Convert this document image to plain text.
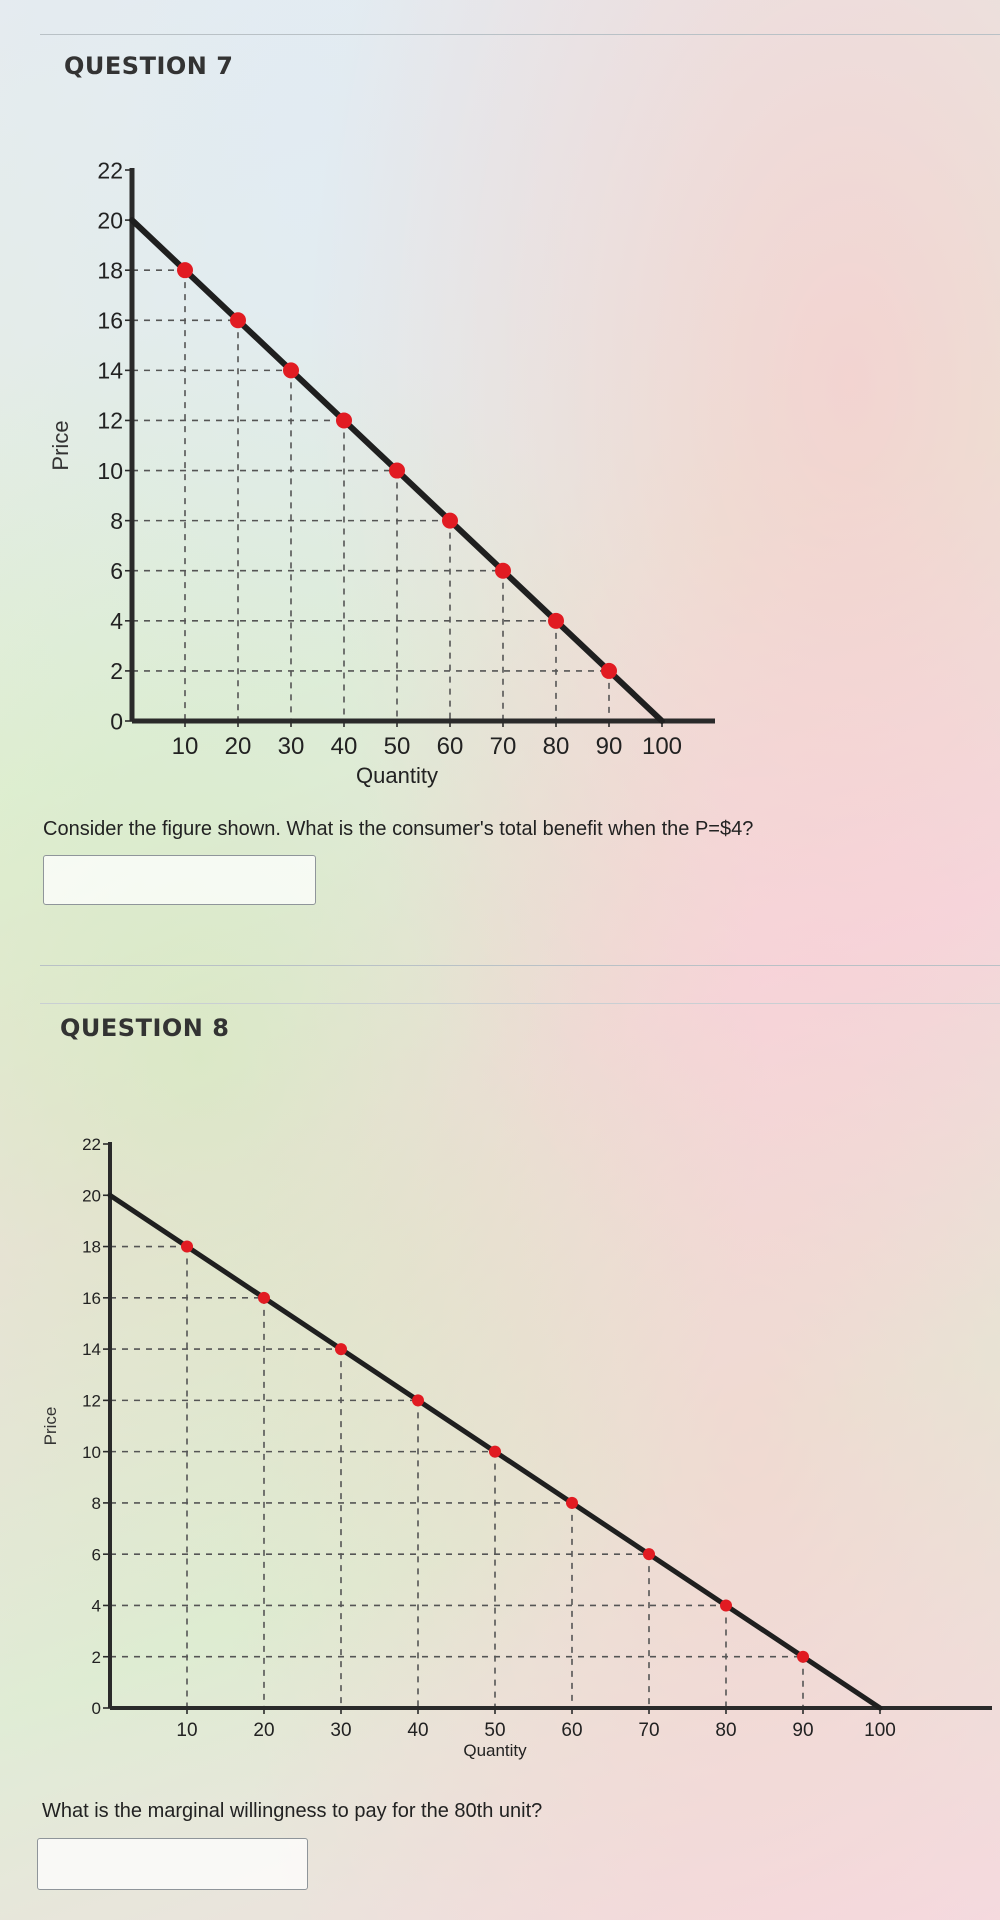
QUESTION 7
0
2
4
6
8
10
12
14
16
18
20
22
10 20 30 40 50 60 70 80 90 100
Quantity
Price
Consider the figure shown. What is the consumer's total benefit when the P=$4?
QUESTION 8
0
2
4
6
8
10
12
14
16
18
20
22
10	20	30	40	50	60	70	80	90	100
Quantity
Price
What is the marginal willingness to pay for the 80th unit?
